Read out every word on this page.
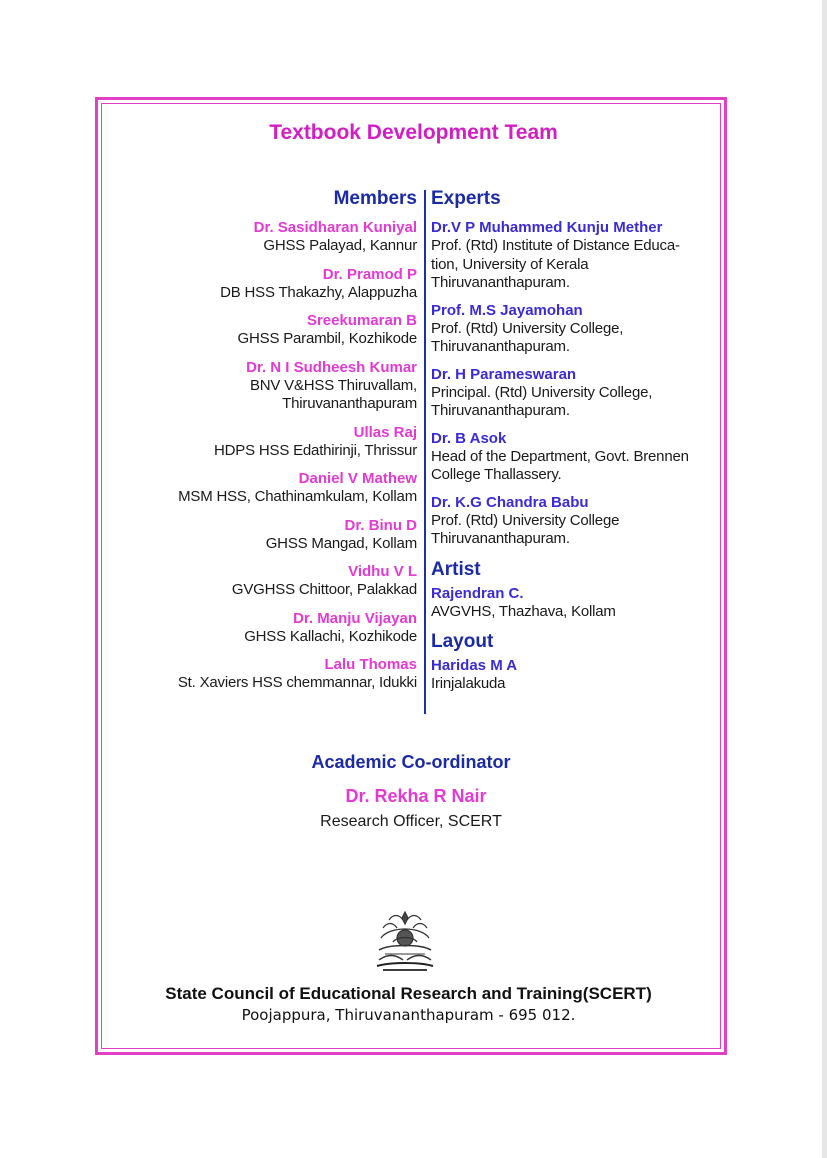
Textbook Development Team
Members
Dr. Sasidharan Kuniyal
GHSS Palayad, Kannur
Dr. Pramod P
DB HSS Thakazhy, Alappuzha
Sreekumaran B
GHSS Parambil, Kozhikode
Dr. N I Sudheesh Kumar
BNV V&HSS Thiruvallam,
Thiruvananthapuram
Ullas Raj
HDPS HSS Edathirinji, Thrissur
Daniel V Mathew
MSM HSS, Chathinamkulam, Kollam
Dr. Binu D
GHSS Mangad, Kollam
Vidhu V L
GVGHSS Chittoor, Palakkad
Dr. Manju Vijayan
GHSS Kallachi, Kozhikode
Lalu Thomas
St. Xaviers HSS chemmannar, Idukki
Experts
Dr.V P Muhammed Kunju Mether
Prof. (Rtd) Institute of Distance Educa-
tion, University of Kerala
Thiruvananthapuram.
Prof. M.S Jayamohan
Prof. (Rtd) University College,
Thiruvananthapuram.
Dr. H Parameswaran
Principal. (Rtd) University College,
Thiruvananthapuram.
Dr. B Asok
Head of the Department, Govt. Brennen
College Thallassery.
Dr. K.G Chandra Babu
Prof. (Rtd) University College
Thiruvananthapuram.
Artist
Rajendran C.
AVGVHS, Thazhava, Kollam
Layout
Haridas M A
Irinjalakuda
Academic Co-ordinator
Dr. Rekha R Nair
Research Officer, SCERT
State Council of Educational Research and Training(SCERT)
Poojappura, Thiruvananthapuram - 695 012.
